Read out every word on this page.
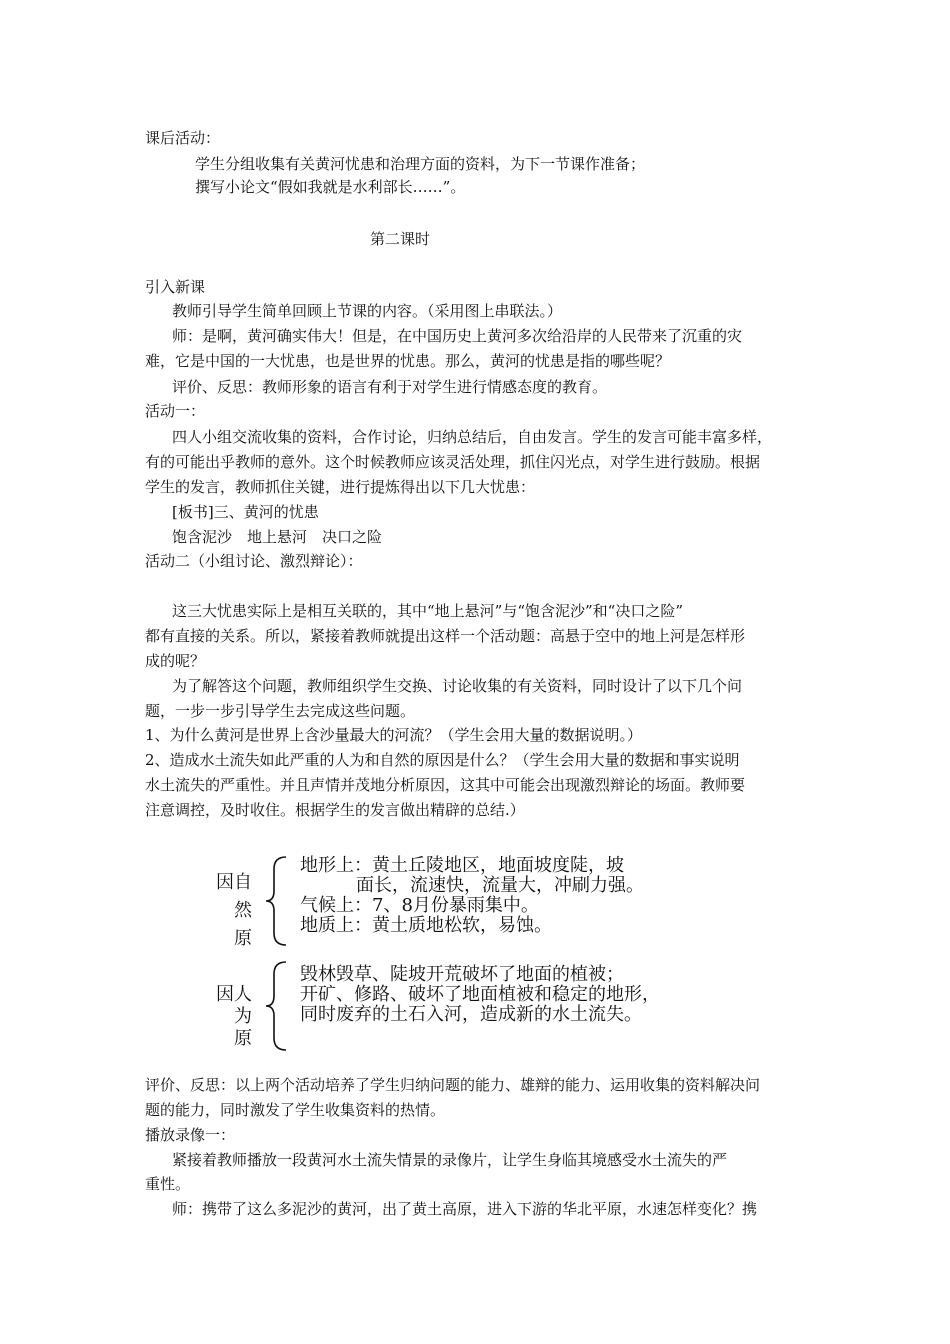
课后活动：
学生分组收集有关黄河忧患和治理方面的资料，为下一节课作准备；
撰写小论文“假如我就是水利部长……”。
第二课时
引入新课
教师引导学生简单回顾上节课的内容。（采用图上串联法。）
师：是啊，黄河确实伟大！但是，在中国历史上黄河多次给沿岸的人民带来了沉重的灾
难，它是中国的一大忧患，也是世界的忧患。那么，黄河的忧患是指的哪些呢？
评价、反思：教师形象的语言有利于对学生进行情感态度的教育。
活动一：
四人小组交流收集的资料，合作讨论，归纳总结后，自由发言。学生的发言可能丰富多样，
有的可能出乎教师的意外。这个时候教师应该灵活处理，抓住闪光点，对学生进行鼓励。根据
学生的发言，教师抓住关键，进行提炼得出以下几大忧患：
[板书]三、黄河的忧患
饱含泥沙　地上悬河　决口之险
活动二（小组讨论、激烈辩论）：
这三大忧患实际上是相互关联的，其中“地上悬河”与“饱含泥沙”和“决口之险”
都有直接的关系。所以，紧接着教师就提出这样一个活动题：高悬于空中的地上河是怎样形
成的呢？
为了解答这个问题，教师组织学生交换、讨论收集的有关资料，同时设计了以下几个问
题，一步一步引导学生去完成这些问题。
1、为什么黄河是世界上含沙量最大的河流？（学生会用大量的数据说明。）
2、造成水土流失如此严重的人为和自然的原因是什么？（学生会用大量的数据和事实说明
水土流失的严重性。并且声情并茂地分析原因，这其中可能会出现激烈辩论的场面。教师要
注意调控，及时收住。根据学生的发言做出精辟的总结.）
因自
然
原
地形上：黄土丘陵地区，地面坡度陡，坡
面长，流速快，流量大，冲刷力强。
气候上：7、8月份暴雨集中。
地质上：黄土质地松软，易蚀。
因人
为
原
毁林毁草、陡坡开荒破坏了地面的植被；
开矿、修路、破坏了地面植被和稳定的地形，
同时废弃的土石入河，造成新的水土流失。
评价、反思：以上两个活动培养了学生归纳问题的能力、雄辩的能力、运用收集的资料解决问
题的能力，同时激发了学生收集资料的热情。
播放录像一：
紧接着教师播放一段黄河水土流失情景的录像片，让学生身临其境感受水土流失的严
重性。
师：携带了这么多泥沙的黄河，出了黄土高原，进入下游的华北平原，水速怎样变化？携
